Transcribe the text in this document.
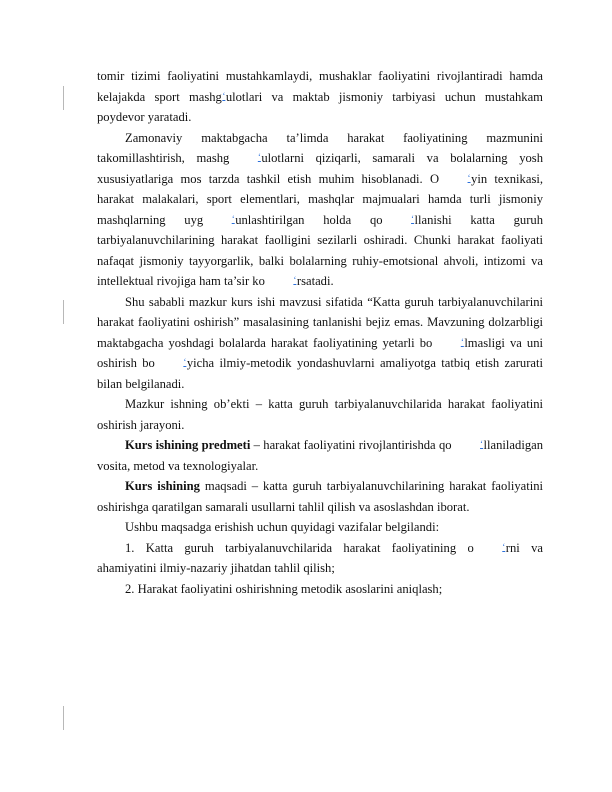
tomir tizimi faoliyatini mustahkamlaydi, mushaklar faoliyatini rivojlantiradi hamda kelajakda sport mashgʻulotlari va maktab jismoniy tarbiyasi uchun mustahkam poydevor yaratadi.

Zamonaviy maktabgacha ta’limda harakat faoliyatining mazmunini takomillashtirish, mashg	ʻulotlarni qiziqarli, samarali va bolalarning yosh xususiyatlariga mos tarzda tashkil etish muhim hisoblanadi. O	ʻyin texnikasi, harakat malakalari, sport elementlari, mashqlar majmualari hamda turli jismoniy mashqlarning uyg	ʻunlashtirilgan holda qo	ʻllanishi katta guruh tarbiyalanuvchilarining harakat faolligini sezilarli oshiradi. Chunki harakat faoliyati nafaqat jismoniy tayyorgarlik, balki bolalarning ruhiy-emotsional ahvoli, intizomi va intellektual rivojiga ham ta’sir ko	ʻrsatadi.

Shu sababli mazkur kurs ishi mavzusi sifatida “Katta guruh tarbiyalanuvchilarini harakat faoliyatini oshirish” masalasining tanlanishi bejiz emas. Mavzuning dolzarbligi maktabgacha yoshdagi bolalarda harakat faoliyatining yetarli bo	ʻlmasligi va uni oshirish bo	ʻyicha ilmiy-metodik yondashuvlarni amaliyotga tatbiq etish zarurati bilan belgilanadi.

Mazkur ishning ob’ekti – katta guruh tarbiyalanuvchilarida harakat faoliyatini oshirish jarayoni.

Kurs ishining predmeti – harakat faoliyatini rivojlantirishda qo	ʻllaniladigan vosita, metod va texnologiyalar.

Kurs ishining maqsadi – katta guruh tarbiyalanuvchilarining harakat faoliyatini oshirishga qaratilgan samarali usullarni tahlil qilish va asoslashdan iborat.

Ushbu maqsadga erishish uchun quyidagi vazifalar belgilandi:

1. Katta guruh tarbiyalanuvchilarida harakat faoliyatining o	ʻrni va ahamiyatini ilmiy-nazariy jihatdan tahlil qilish;

2. Harakat faoliyatini oshirishning metodik asoslarini aniqlash;
